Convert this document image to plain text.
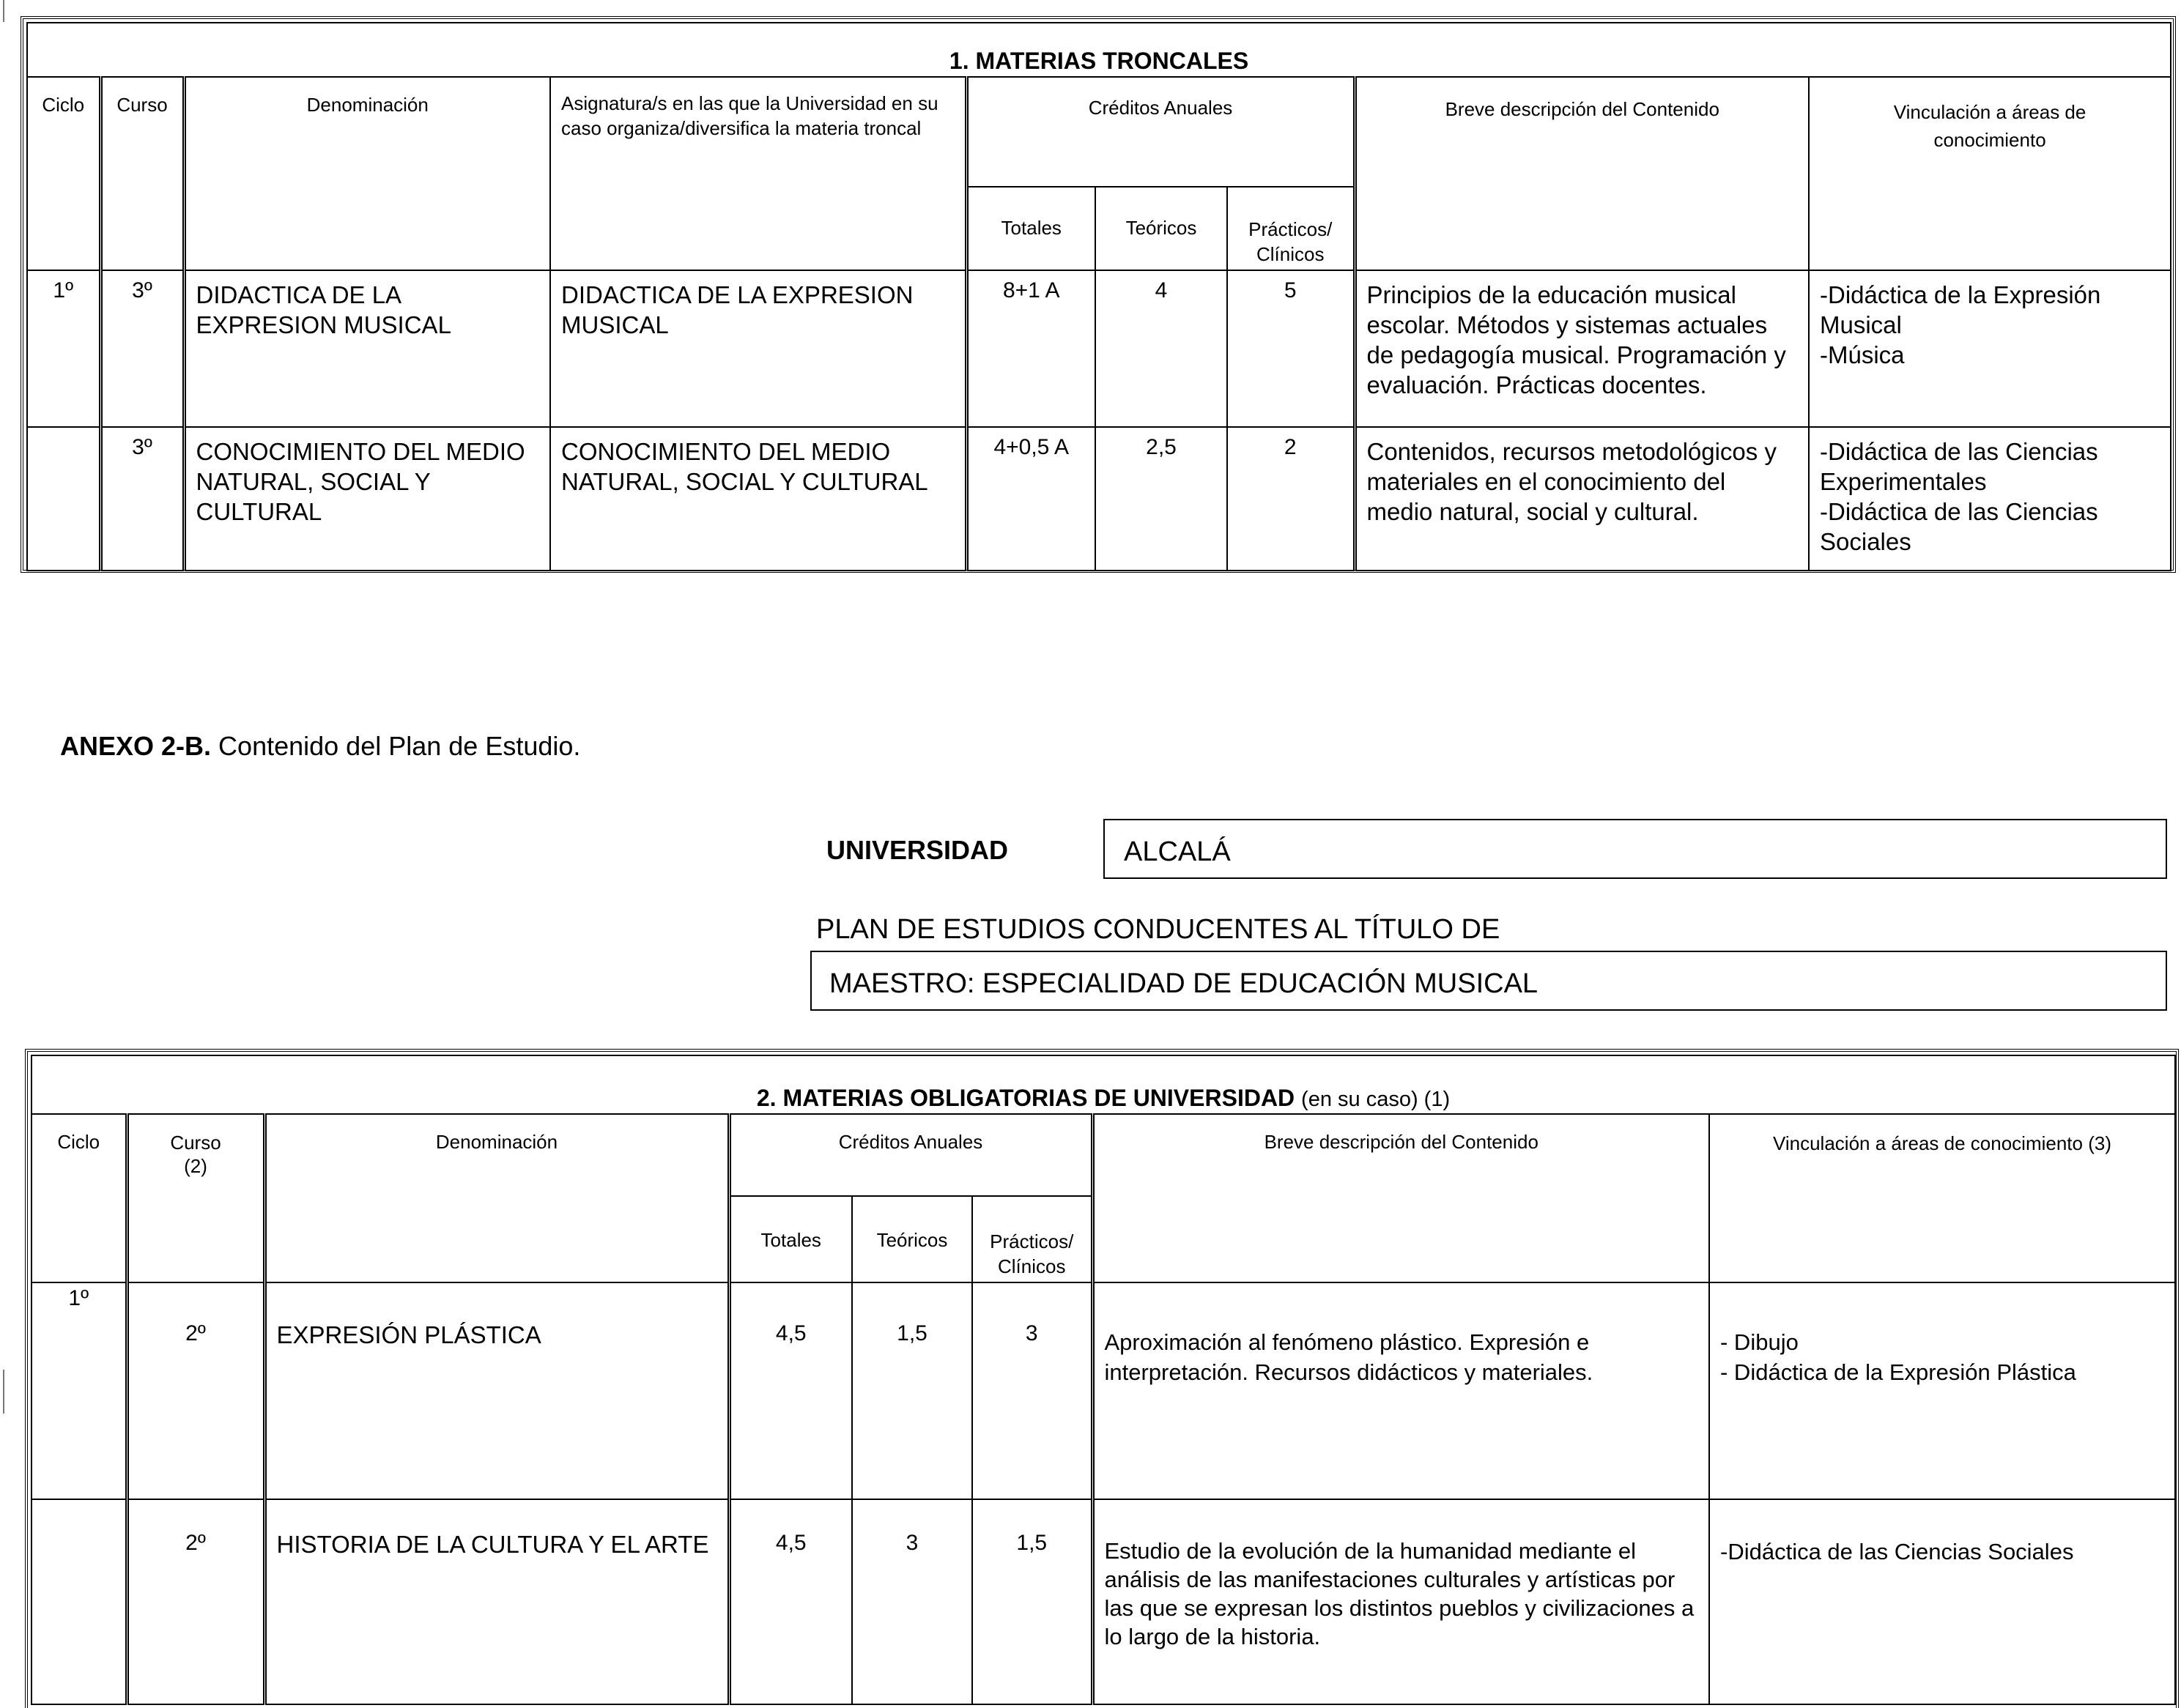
1. MATERIAS TRONCALES								
Ciclo	Curso	Denominación	Asignatura/s en las que la Universidad en su caso organiza/diversifica la materia troncal	Créditos Anuales			Breve descripción del Contenido	Vinculación a áreas de conocimiento
				Totales	Teóricos	Prácticos/ Clínicos		
1º	3º	DIDACTICA DE LA EXPRESION MUSICAL	DIDACTICA DE LA EXPRESION MUSICAL	8+1 A	4	5	Principios de la educación musical escolar. Métodos y sistemas actuales de pedagogía musical. Programación y evaluación. Prácticas docentes.	-Didáctica de la Expresión Musical
-Música
	3º	CONOCIMIENTO DEL MEDIO NATURAL, SOCIAL Y CULTURAL	CONOCIMIENTO DEL MEDIO NATURAL, SOCIAL Y CULTURAL	4+0,5 A	2,5	2	Contenidos, recursos metodológicos y materiales en el conocimiento del medio natural, social y cultural.	-Didáctica de las Ciencias Experimentales
-Didáctica de las Ciencias Sociales
ANEXO 2-B. Contenido del Plan de Estudio.
UNIVERSIDAD	ALCALÁ
PLAN DE ESTUDIOS CONDUCENTES AL TÍTULO DE
MAESTRO: ESPECIALIDAD DE EDUCACIÓN MUSICAL
2. MATERIAS OBLIGATORIAS DE UNIVERSIDAD (en su caso) (1)							
Ciclo	Curso (2)	Denominación	Créditos Anuales			Breve descripción del Contenido	Vinculación a áreas de conocimiento (3)
			Totales	Teóricos	Prácticos/ Clínicos		
1º	2º	EXPRESIÓN PLÁSTICA	4,5	1,5	3	Aproximación al fenómeno plástico. Expresión e interpretación. Recursos didácticos y materiales.	- Dibujo
- Didáctica de la Expresión Plástica
	2º	HISTORIA DE LA CULTURA Y EL ARTE	4,5	3	1,5	Estudio de la evolución de la humanidad mediante el análisis de las manifestaciones culturales y artísticas por las que se expresan los distintos pueblos y civilizaciones a lo largo de la historia.	-Didáctica de las Ciencias Sociales
